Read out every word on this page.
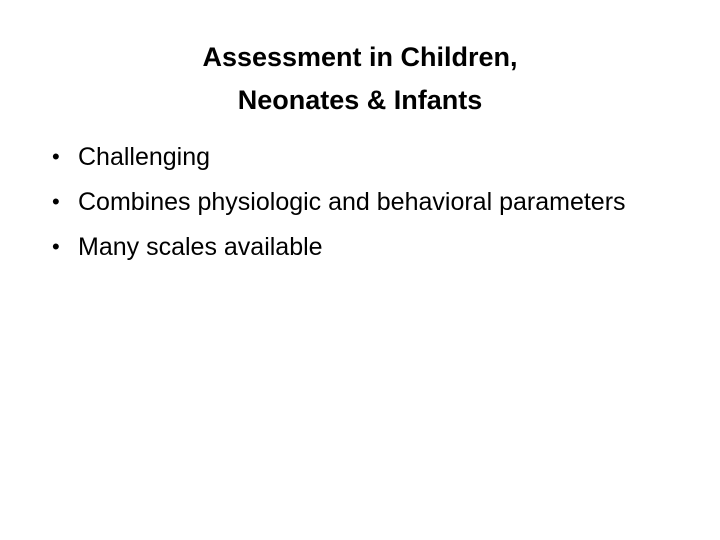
Assessment in Children,
Neonates & Infants
• Challenging
• Combines physiologic and behavioral parameters
• Many scales available
